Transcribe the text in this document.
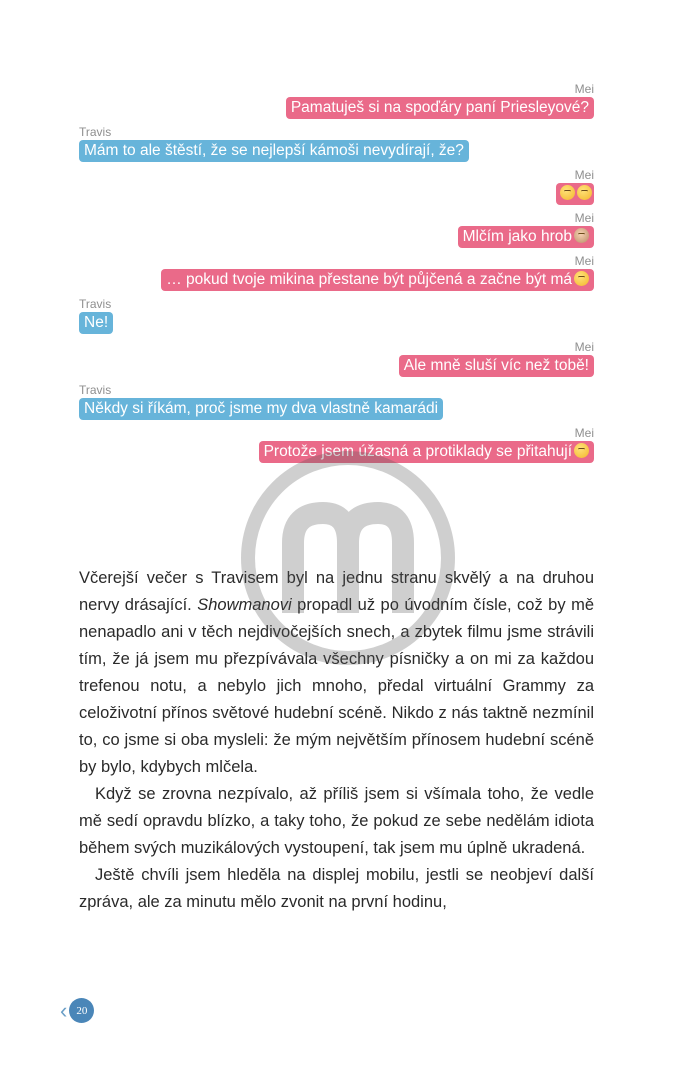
Mei
Pamatuješ si na spoďáry paní Priesleyové?
Travis
Mám to ale štěstí, že se nejlepší kámoši nevydírají, že?
Mei
Mei
Mlčím jako hrob
Mei
… pokud tvoje mikina přestane být půjčená a začne být má
Travis
Ne!
Mei
Ale mně sluší víc než tobě!
Travis
Někdy si říkám, proč jsme my dva vlastně kamarádi
Mei
Protože jsem úžasná a protiklady se přitahují

Včerejší večer s Travisem byl na jednu stranu skvělý a na druhou nervy drásající. Showmanovi propadl už po úvodním čísle, což by mě nenapadlo ani v těch nejdivočejších snech, a zbytek filmu jsme strávili tím, že já jsem mu přezpívávala všechny písničky a on mi za každou trefenou notu, a nebylo jich mnoho, předal virtuální Grammy za celoživotní přínos světové hudební scéně. Nikdo z nás taktně nezmínil to, co jsme si oba mysleli: že mým největším přínosem hudební scéně by bylo, kdybych mlčela.

Když se zrovna nezpívalo, až příliš jsem si všímala toho, že vedle mě sedí opravdu blízko, a taky toho, že pokud ze sebe nedělám idiota během svých muzikálových vystoupení, tak jsem mu úplně ukradená.

Ještě chvíli jsem hleděla na displej mobilu, jestli se neobjeví další zpráva, ale za minutu mělo zvonit na první hodinu,

‹ 20
